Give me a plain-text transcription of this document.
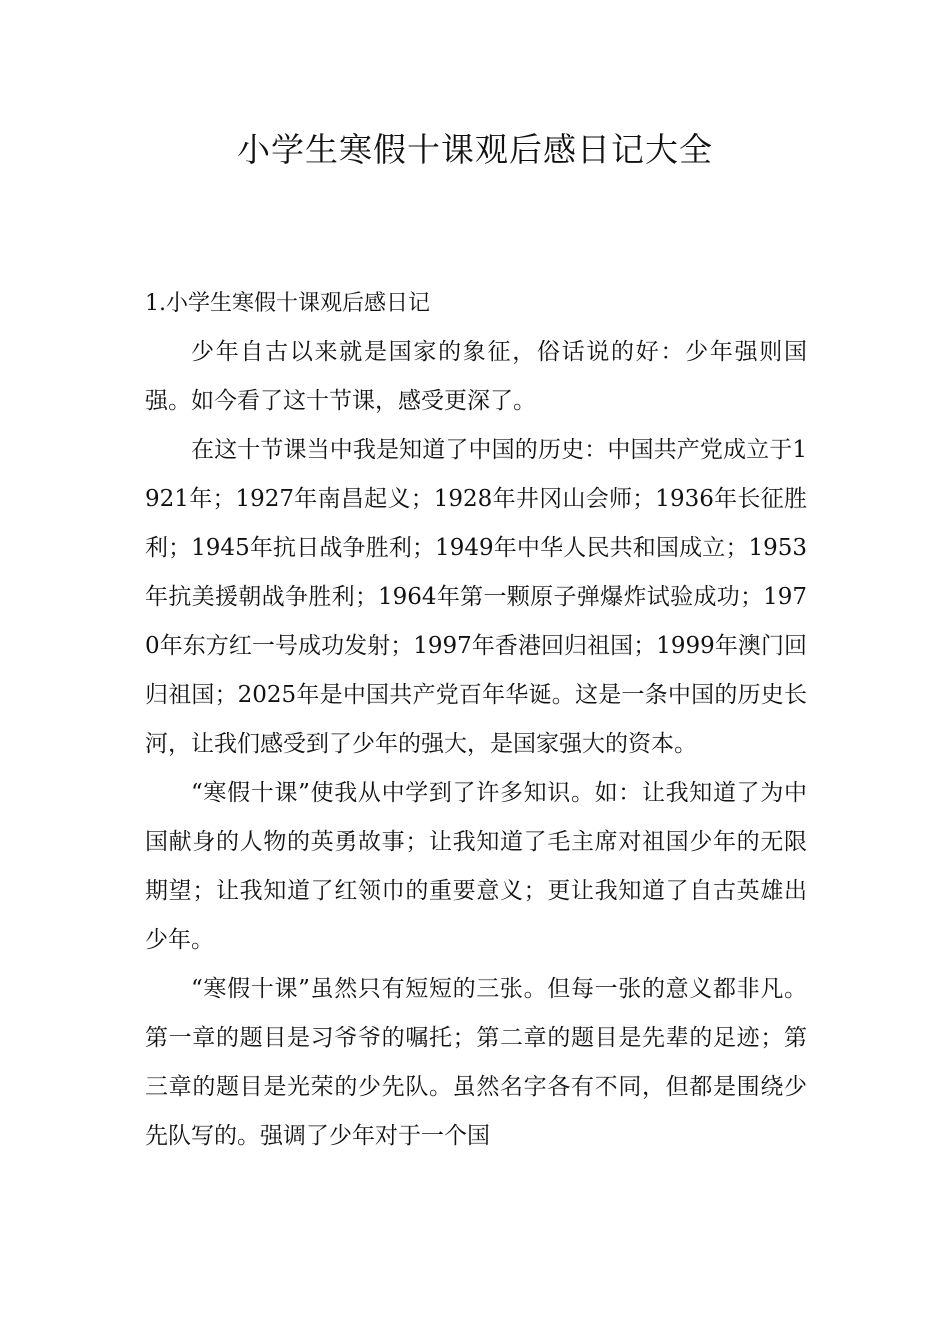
小学生寒假十课观后感日记大全
1.小学生寒假十课观后感日记

少年自古以来就是国家的象征，俗话说的好：少年强则国强。如今看了这十节课，感受更深了。

在这十节课当中我是知道了中国的历史：中国共产党成立于1921年；1927年南昌起义；1928年井冈山会师；1936年长征胜利；1945年抗日战争胜利；1949年中华人民共和国成立；1953年抗美援朝战争胜利；1964年第一颗原子弹爆炸试验成功；1970年东方红一号成功发射；1997年香港回归祖国；1999年澳门回归祖国；2025年是中国共产党百年华诞。这是一条中国的历史长河，让我们感受到了少年的强大，是国家强大的资本。

“寒假十课”使我从中学到了许多知识。如：让我知道了为中国献身的人物的英勇故事；让我知道了毛主席对祖国少年的无限期望；让我知道了红领巾的重要意义；更让我知道了自古英雄出少年。

“寒假十课”虽然只有短短的三张。但每一张的意义都非凡。第一章的题目是习爷爷的嘱托；第二章的题目是先辈的足迹；第三章的题目是光荣的少先队。虽然名字各有不同，但都是围绕少先队写的。强调了少年对于一个国
